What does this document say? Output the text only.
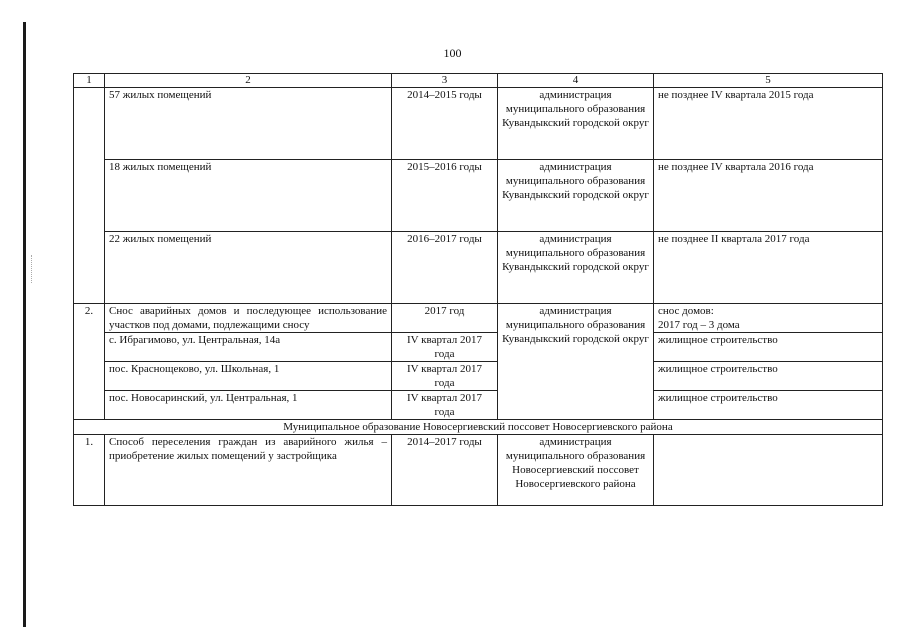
100
1	2	3	4	5
	57 жилых помещений	2014–2015 годы	администрация муниципального образования Кувандыкский городской округ	не позднее IV квартала 2015 года
	18 жилых помещений	2015–2016 годы	администрация муниципального образования Кувандыкский городской округ	не позднее IV квартала 2016 года
	22 жилых помещений	2016–2017 годы	администрация муниципального образования Кувандыкский городской округ	не позднее II квартала 2017 года
2.	Снос аварийных домов и последующее использование участков под домами, подлежащими сносу	2017 год	администрация муниципального образования Кувандыкский городской округ	снос домов:
2017 год – 3 дома

	с. Ибрагимово, ул. Центральная, 14а	IV квартал 2017 года		жилищное строительство
	пос. Краснощеково, ул. Школьная, 1	IV квартал 2017 года		жилищное строительство
	пос. Новосаринский, ул. Центральная, 1	IV квартал 2017 года		жилищное строительство
Муниципальное образование Новосергиевский поссовет Новосергиевского района				
1.	Способ переселения граждан из аварийного жилья – приобретение жилых помещений у застройщика	2014–2017 годы	администрация муниципального образования Новосергиевский поссовет Новосергиевского района	
